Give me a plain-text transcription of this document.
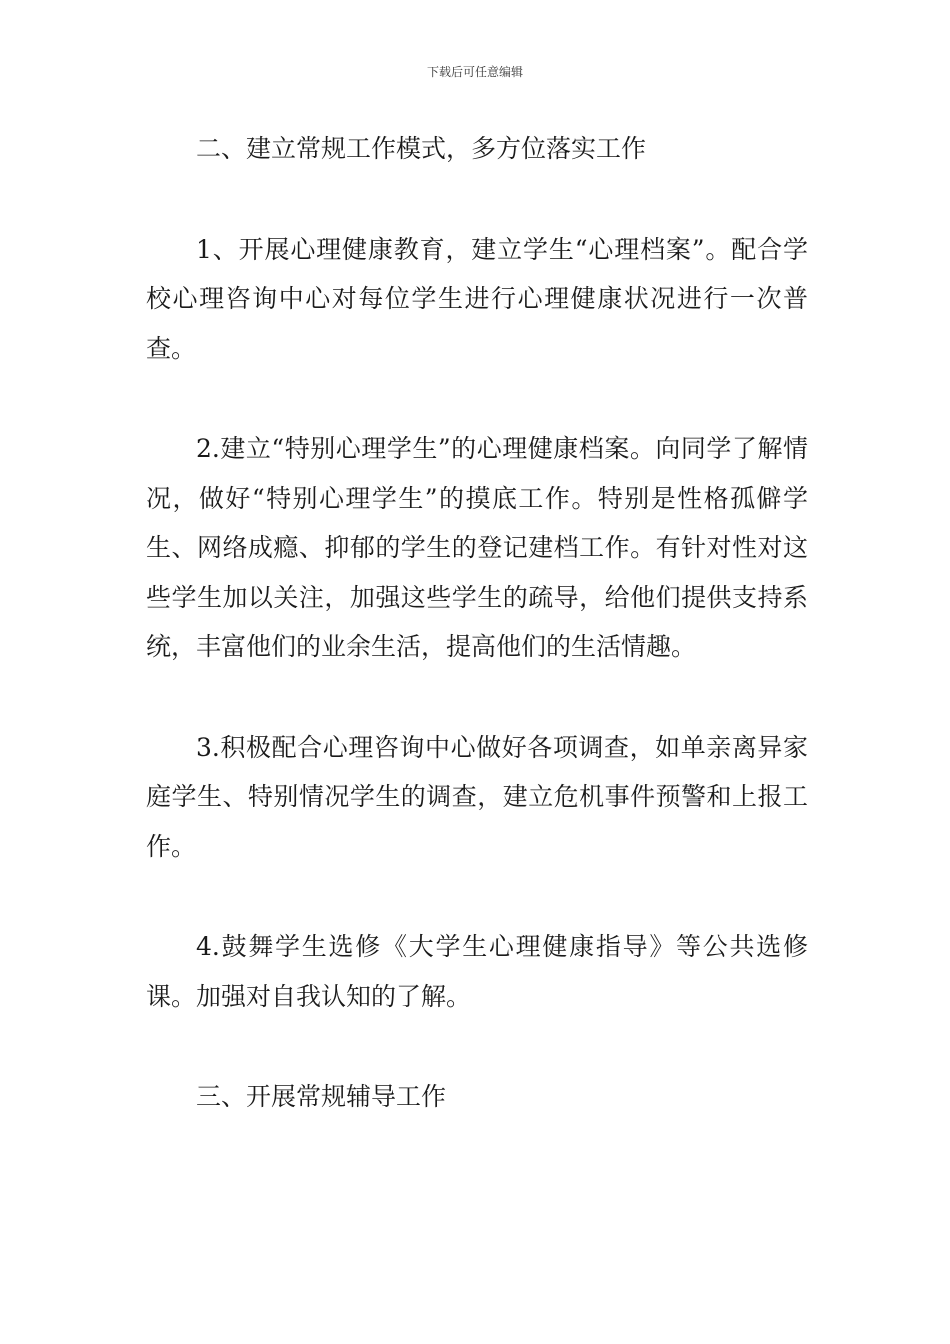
下载后可任意编辑

二、建立常规工作模式，多方位落实工作

1、开展心理健康教育，建立学生“心理档案”。配合学校心理咨询中心对每位学生进行心理健康状况进行一次普查。

2.建立“特别心理学生”的心理健康档案。向同学了解情况，做好“特别心理学生”的摸底工作。特别是性格孤僻学生、网络成瘾、抑郁的学生的登记建档工作。有针对性对这些学生加以关注，加强这些学生的疏导，给他们提供支持系统，丰富他们的业余生活，提高他们的生活情趣。

3.积极配合心理咨询中心做好各项调查，如单亲离异家庭学生、特别情况学生的调查，建立危机事件预警和上报工作。

4.鼓舞学生选修《大学生心理健康指导》等公共选修课。加强对自我认知的了解。

三、开展常规辅导工作
